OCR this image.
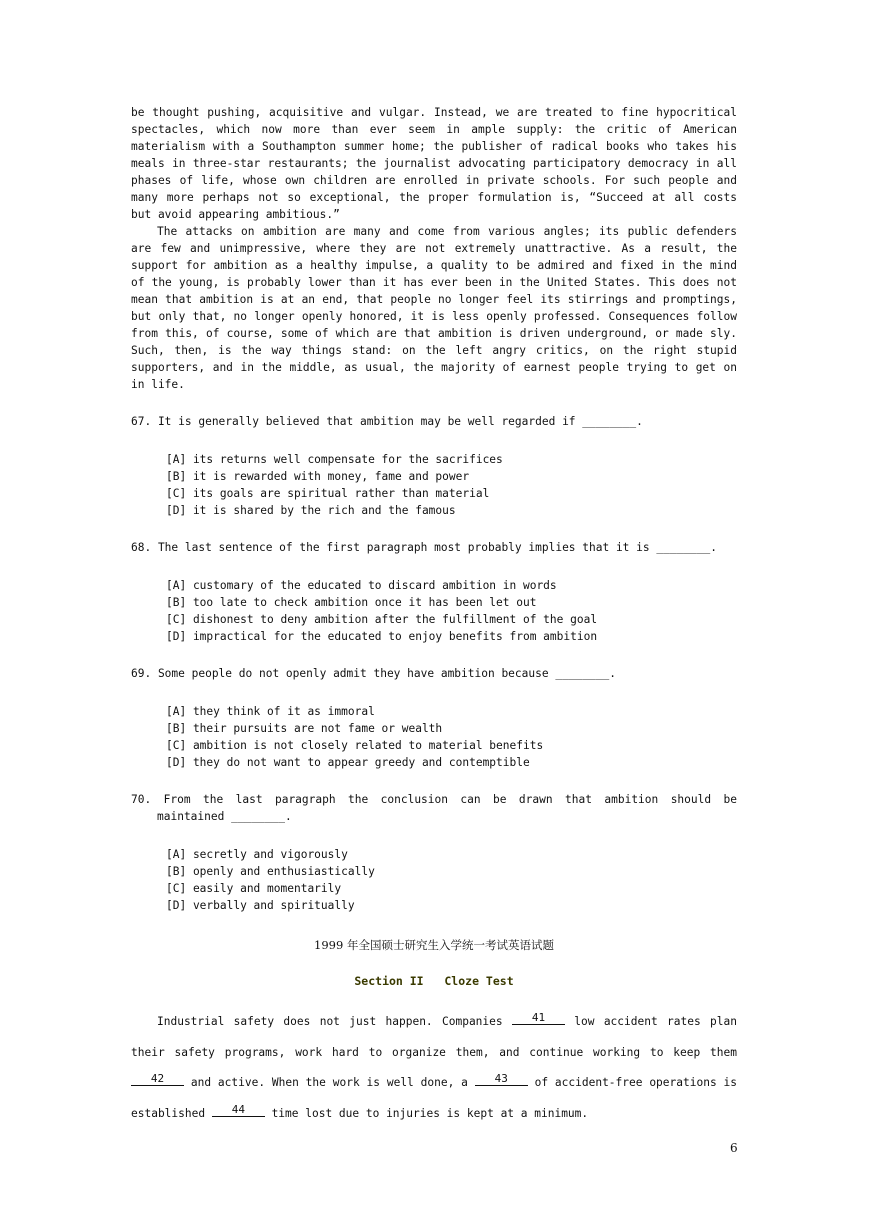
be thought pushing, acquisitive and vulgar. Instead, we are treated to fine hypocritical spectacles, which now more than ever seem in ample supply: the critic of American materialism with a Southampton summer home; the publisher of radical books who takes his meals in three-star restaurants; the journalist advocating participatory democracy in all phases of life, whose own children are enrolled in private schools. For such people and many more perhaps not so exceptional, the proper formulation is, “Succeed at all costs but avoid appearing ambitious.”

The attacks on ambition are many and come from various angles; its public defenders are few and unimpressive, where they are not extremely unattractive. As a result, the support for ambition as a healthy impulse, a quality to be admired and fixed in the mind of the young, is probably lower than it has ever been in the United States. This does not mean that ambition is at an end, that people no longer feel its stirrings and promptings, but only that, no longer openly honored, it is less openly professed. Consequences follow from this, of course, some of which are that ambition is driven underground, or made sly. Such, then, is the way things stand: on the left angry critics, on the right stupid supporters, and in the middle, as usual, the majority of earnest people trying to get on in life.

67. It is generally believed that ambition may be well regarded if ________.

[A] its returns well compensate for the sacrifices
[B] it is rewarded with money, fame and power
[C] its goals are spiritual rather than material
[D] it is shared by the rich and the famous

68. The last sentence of the first paragraph most probably implies that it is ________.

[A] customary of the educated to discard ambition in words
[B] too late to check ambition once it has been let out
[C] dishonest to deny ambition after the fulfillment of the goal
[D] impractical for the educated to enjoy benefits from ambition

69. Some people do not openly admit they have ambition because ________.

[A] they think of it as immoral
[B] their pursuits are not fame or wealth
[C] ambition is not closely related to material benefits
[D] they do not want to appear greedy and contemptible

70. From the last paragraph the conclusion can be drawn that ambition should be maintained ________.

[A] secretly and vigorously
[B] openly and enthusiastically
[C] easily and momentarily
[D] verbally and spiritually

1999 年全国硕士研究生入学统一考试英语试题

Section II   Cloze Test

Industrial safety does not just happen. Companies	41	low accident rates plan their safety programs, work hard to organize them, and continue working to keep them
42	and active. When the work is well done, a	43	of accident-free operations is established	44	time lost due to injuries is kept at a minimum.

6
